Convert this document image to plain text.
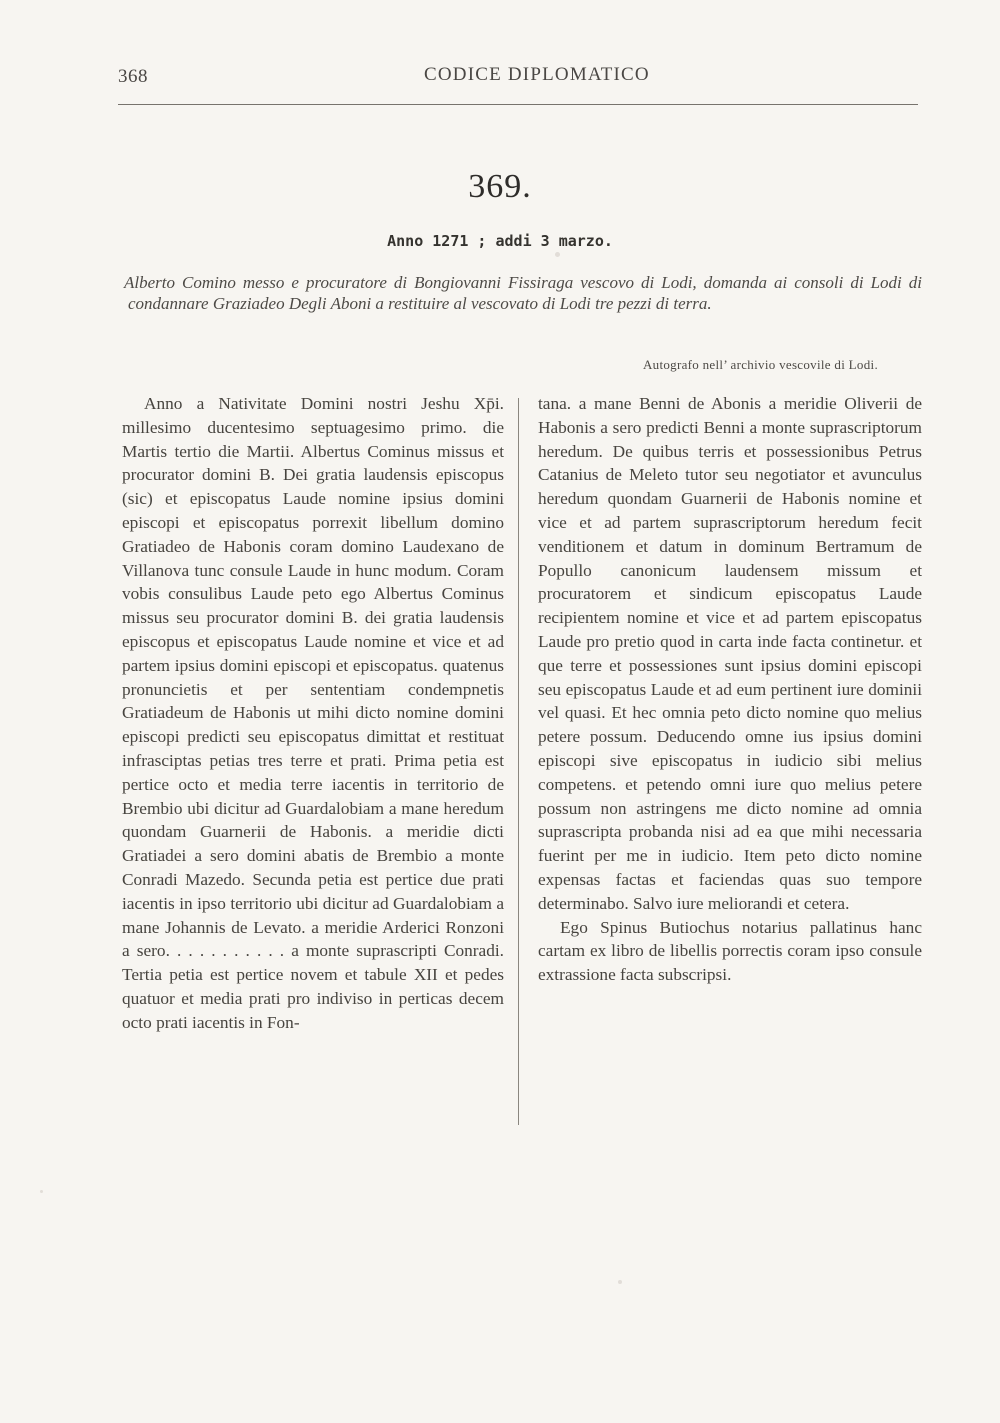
368	CODICE DIPLOMATICO
369.
Anno 1271 ; addi 3 marzo.
Alberto Comino messo e procuratore di Bongiovanni Fissiraga vescovo di Lodi, domanda ai consoli di Lodi di condannare Graziadeo Degli Aboni a restituire al vescovato di Lodi tre pezzi di terra.
Autografo nell’ archivio vescovile di Lodi.

Anno a Nativitate Domini nostri Jeshu Xp̄i. millesimo ducentesimo septuagesimo primo. die Martis tertio die Martii. Albertus Cominus missus et procurator domini B. Dei gratia laudensis episcopus (sic) et episcopatus Laude nomine ipsius domini episcopi et episcopatus porrexit libellum domino Gratiadeo de Habonis coram domino Laudexano de Villanova tunc consule Laude in hunc modum. Coram vobis consulibus Laude peto ego Albertus Cominus missus seu procurator domini B. dei gratia laudensis episcopus et episcopatus Laude nomine et vice et ad partem ipsius domini episcopi et episcopatus. quatenus pronuncietis et per sententiam condempnetis Gratiadeum de Habonis ut mihi dicto nomine domini episcopi predicti seu episcopatus dimittat et restituat infrasciptas petias tres terre et prati. Prima petia est pertice octo et media terre iacentis in territorio de Brembio ubi dicitur ad Guardalobiam a mane heredum quondam Guarnerii de Habonis. a meridie dicti Gratiadei a sero domini abatis de Brembio a monte Conradi Mazedo. Secunda petia est pertice due prati iacentis in ipso territorio ubi dicitur ad Guardalobiam a mane Johannis de Levato. a meridie Arderici Ronzoni a sero. . . . . . . . . . . a monte suprascripti Conradi. Tertia petia est pertice novem et tabule XII et pedes quatuor et media prati pro indiviso in perticas decem octo prati iacentis in Fon-

tana. a mane Benni de Abonis a meridie Oliverii de Habonis a sero predicti Benni a monte suprascriptorum heredum. De quibus terris et possessionibus Petrus Catanius de Meleto tutor seu negotiator et avunculus heredum quondam Guarnerii de Habonis nomine et vice et ad partem suprascriptorum heredum fecit venditionem et datum in dominum Bertramum de Popullo canonicum laudensem missum et procuratorem et sindicum episcopatus Laude recipientem nomine et vice et ad partem episcopatus Laude pro pretio quod in carta inde facta continetur. et que terre et possessiones sunt ipsius domini episcopi seu episcopatus Laude et ad eum pertinent iure dominii vel quasi. Et hec omnia peto dicto nomine quo melius petere possum. Deducendo omne ius ipsius domini episcopi sive episcopatus in iudicio sibi melius competens. et petendo omni iure quo melius petere possum non astringens me dicto nomine ad omnia suprascripta probanda nisi ad ea que mihi necessaria fuerint per me in iudicio. Item peto dicto nomine expensas factas et faciendas quas suo tempore determinabo. Salvo iure meliorandi et cetera.

Ego Spinus Butiochus notarius pallatinus hanc cartam ex libro de libellis porrectis coram ipso consule extrassione facta subscripsi.
